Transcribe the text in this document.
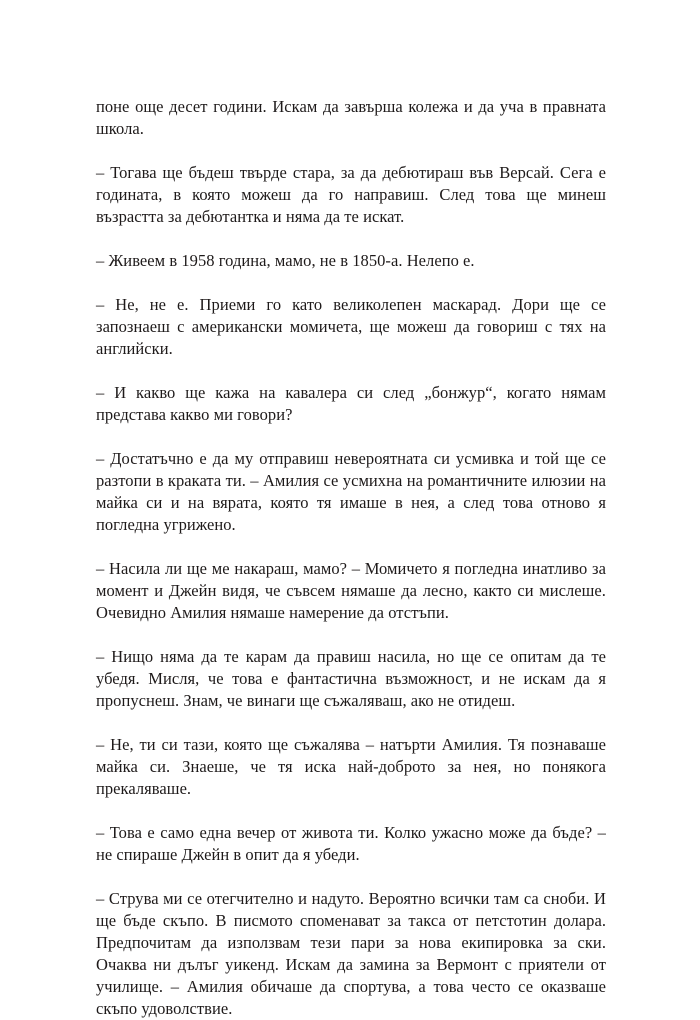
поне още десет години. Искам да завърша колежа и да уча в правната школа.

– Тогава ще бъдеш твърде стара, за да дебютираш във Версай. Сега е годината, в която можеш да го направиш. След това ще минеш възрастта за дебютантка и няма да те искат.

– Живеем в 1958 година, мамо, не в 1850-а. Нелепо е.

– Не, не е. Приеми го като великолепен маскарад. Дори ще се запознаеш с американски момичета, ще можеш да говориш с тях на английски.

– И какво ще кажа на кавалера си след „бонжур“, когато нямам представа какво ми говори?

– Достатъчно е да му отправиш невероятната си усмивка и той ще се разтопи в краката ти. – Амилия се усмихна на романтичните илюзии на майка си и на вярата, която тя имаше в нея, а след това отново я погледна угрижено.

– Насила ли ще ме накараш, мамо? – Момичето я погледна инатливо за момент и Джейн видя, че съвсем нямаше да лесно, както си мислеше. Очевидно Амилия нямаше намерение да отстъпи.

– Нищо няма да те карам да правиш насила, но ще се опитам да те убедя. Мисля, че това е фантастична възможност, и не искам да я пропуснеш. Знам, че винаги ще съжаляваш, ако не отидеш.

– Не, ти си тази, която ще съжалява – натърти Амилия. Тя познаваше майка си. Знаеше, че тя иска най-доброто за нея, но понякога прекаляваше.

– Това е само една вечер от живота ти. Колко ужасно може да бъде? – не спираше Джейн в опит да я убеди.

– Струва ми се отегчително и надуто. Вероятно всички там са сноби. И ще бъде скъпо. В писмото споменават за такса от петстотин долара. Предпочитам да използвам тези пари за нова екипировка за ски. Очаква ни дълъг уикенд. Искам да замина за Вермонт с приятели от училище. – Амилия обичаше да спортува, а това често се оказваше скъпо удоволствие.
